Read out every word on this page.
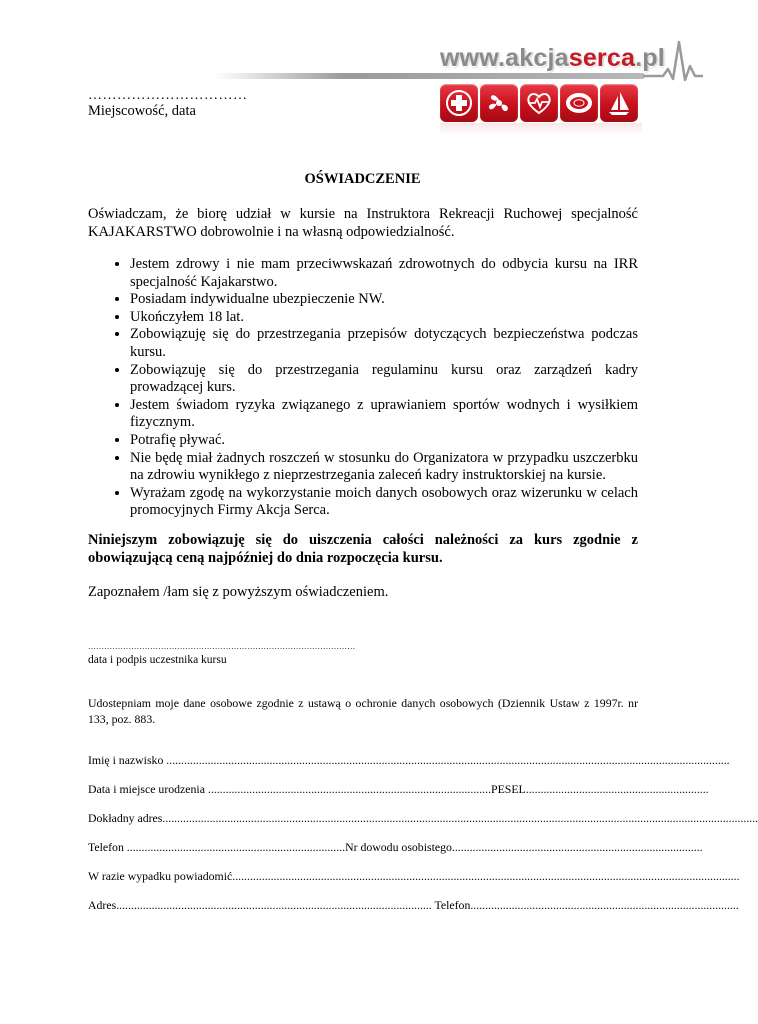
www.akcjaserca.pl
……………………………
Miejscowość, data
OŚWIADCZENIE
Oświadczam, że biorę udział w kursie na Instruktora Rekreacji Ruchowej specjalność KAJAKARSTWO dobrowolnie i na własną odpowiedzialność.
• Jestem zdrowy i nie mam przeciwwskazań zdrowotnych do odbycia kursu na IRR specjalność Kajakarstwo.
• Posiadam indywidualne ubezpieczenie NW.
• Ukończyłem 18 lat.
• Zobowiązuję się do przestrzegania przepisów dotyczących bezpieczeństwa podczas kursu.
• Zobowiązuję się do przestrzegania regulaminu kursu oraz zarządzeń kadry prowadzącej kurs.
• Jestem świadom ryzyka związanego z uprawianiem sportów wodnych i wysiłkiem fizycznym.
• Potrafię pływać.
• Nie będę miał żadnych roszczeń w stosunku do Organizatora w przypadku uszczerbku na zdrowiu wynikłego z nieprzestrzegania zaleceń kadry instruktorskiej na kursie.
• Wyrażam zgodę na wykorzystanie moich danych osobowych oraz wizerunku w celach promocyjnych Firmy Akcja Serca.
Niniejszym zobowiązuję się do uiszczenia całości należności za kurs zgodnie z obowiązującą ceną najpóźniej do dnia rozpoczęcia kursu.
Zapoznałem /łam się z powyższym oświadczeniem.
...................................................................................................
data i podpis uczestnika kursu
Udostepniam moje dane osobowe zgodnie z ustawą o ochronie danych osobowych (Dziennik Ustaw z 1997r. nr 133, poz. 883.
Imię i nazwisko ...............................................................................................................................................................................................
Data i miejsce urodzenia ................................................................................................PESEL..............................................................
Dokładny adres..........................................................................................................................................................................................................
Telefon ..........................................................................Nr dowodu osobistego.....................................................................................
W razie wypadku powiadomić............................................................................................................................................................................
Adres........................................................................................................... Telefon...........................................................................................
